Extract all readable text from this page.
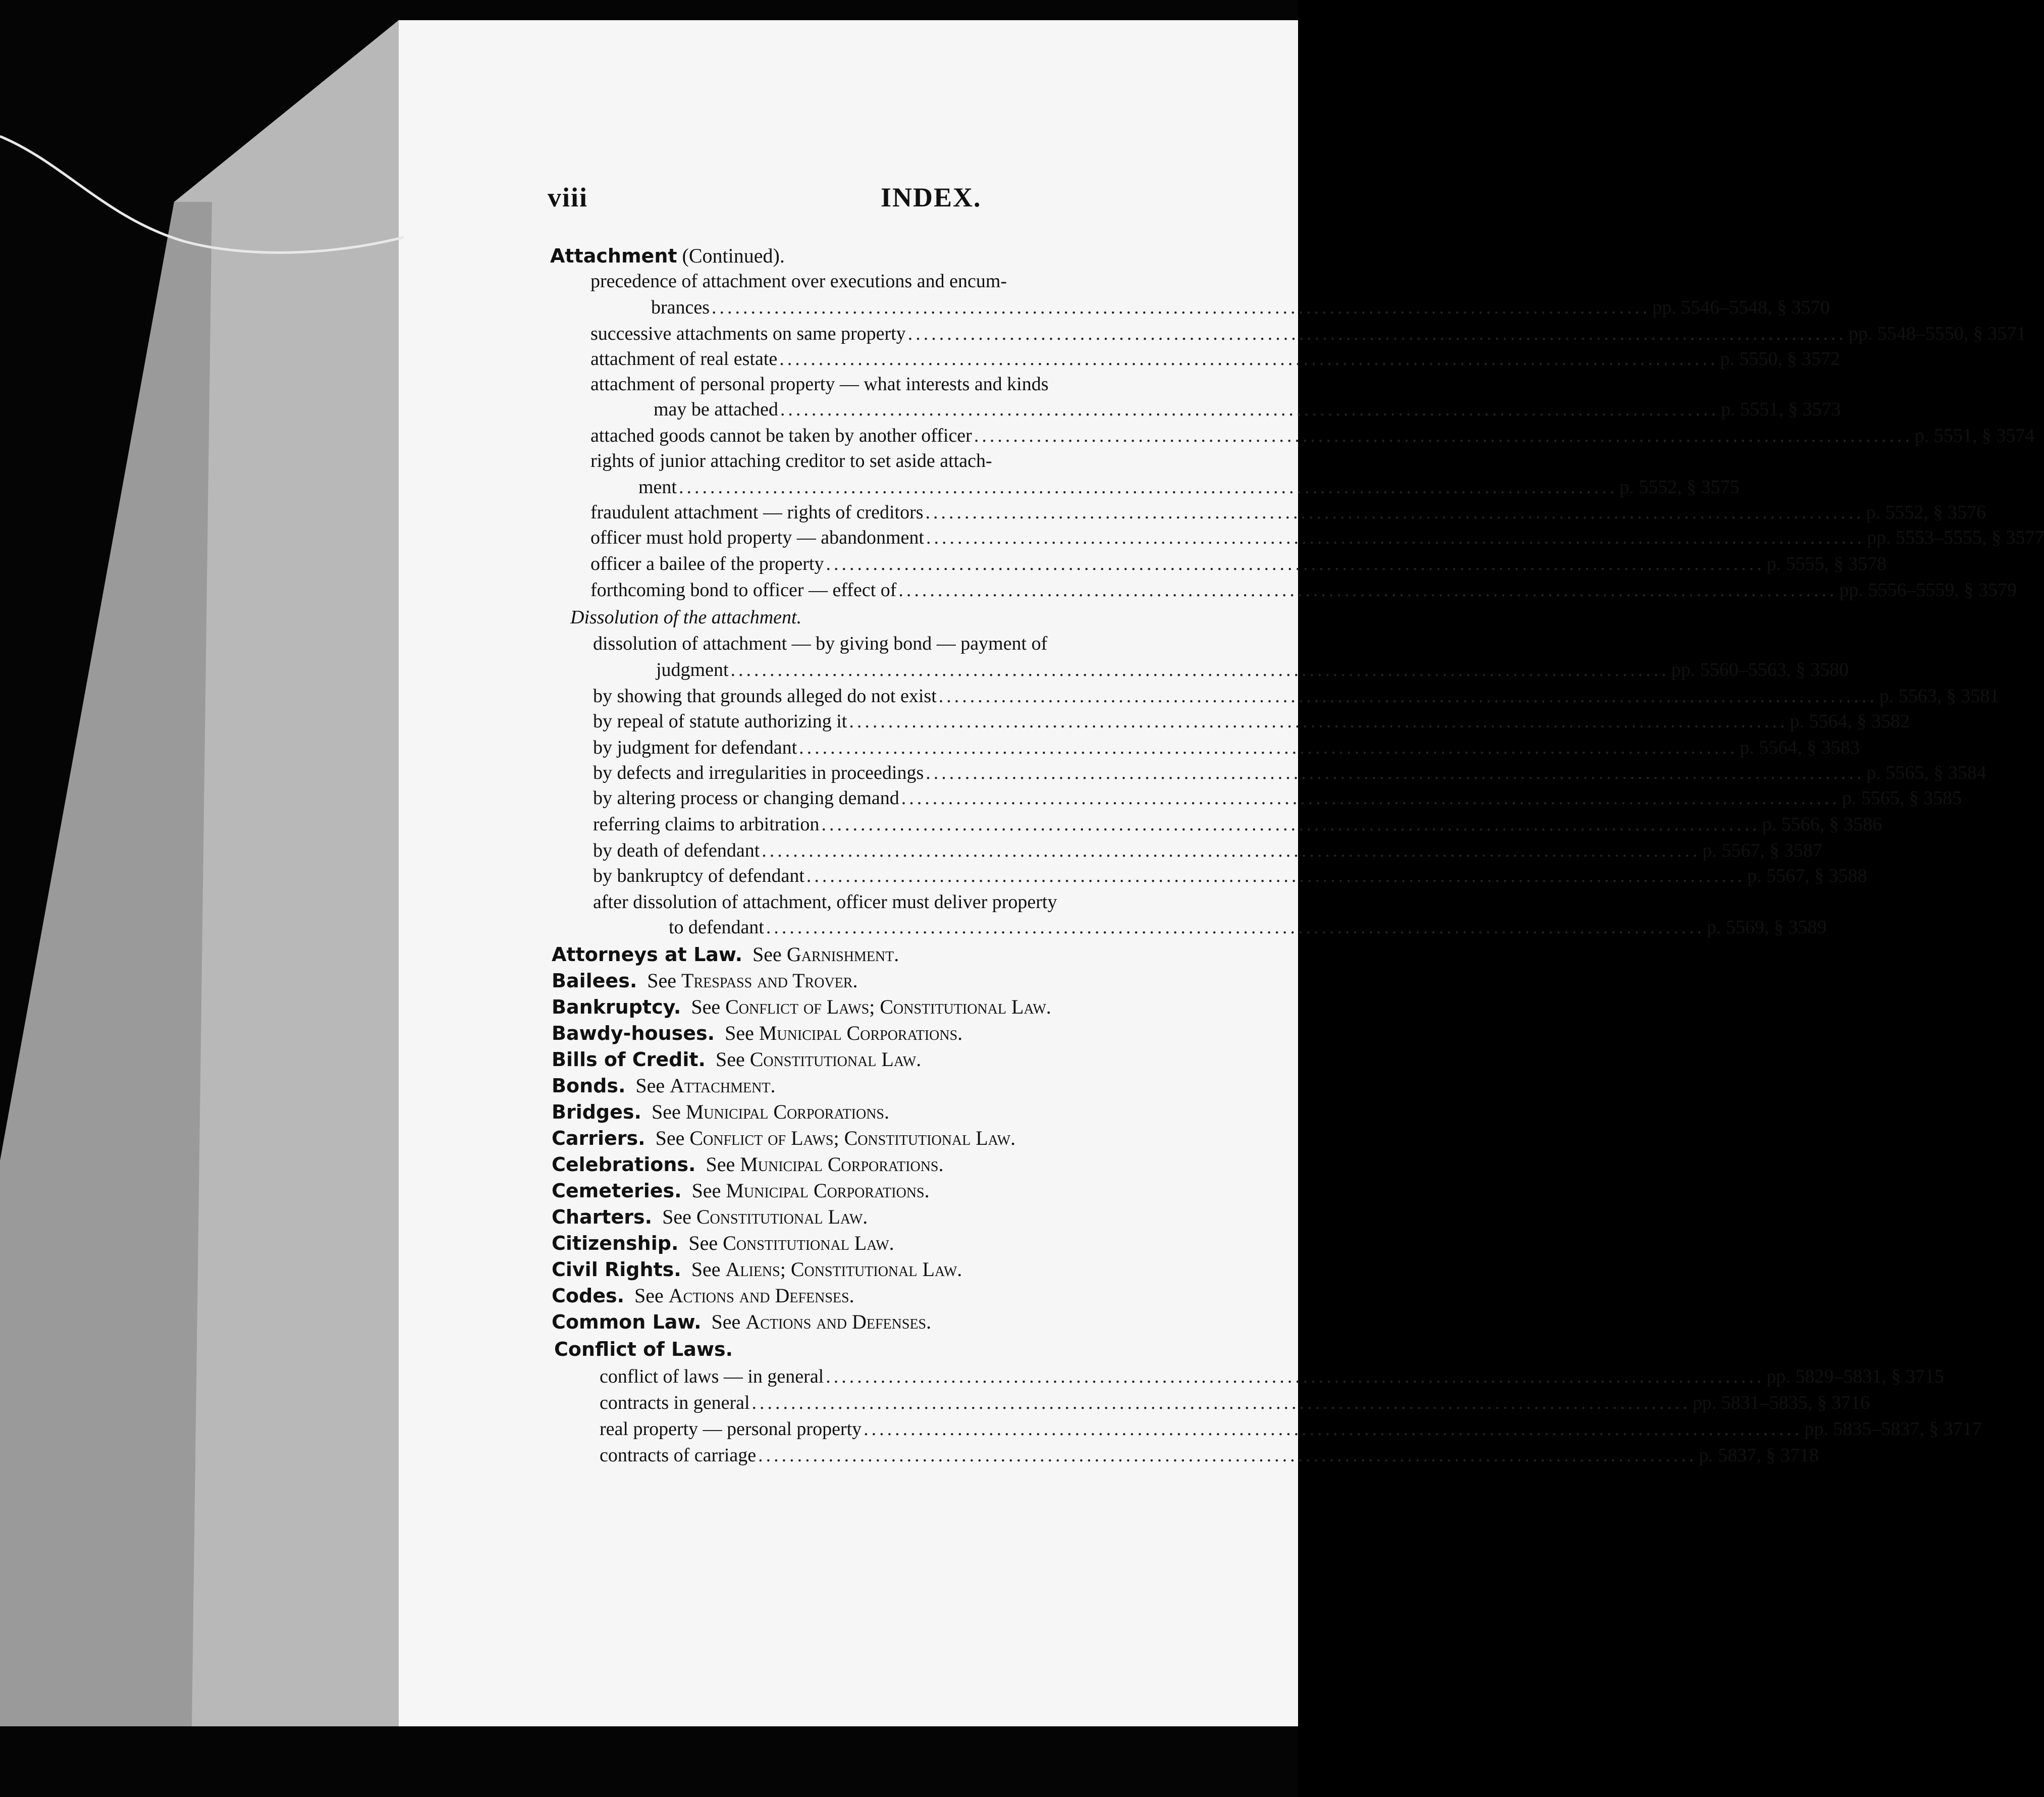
viii	INDEX.
Attachment (Continued).
precedence of attachment over executions and encum-
brances ........................................................................................................................ pp. 5546–5548, § 3570
successive attachments on same property ........................................................................................................................ pp. 5548–5550, § 3571
attachment of real estate ........................................................................................................................ p. 5550, § 3572
attachment of personal property — what interests and kinds
may be attached ........................................................................................................................ p. 5551, § 3573
attached goods cannot be taken by another officer ........................................................................................................................ p. 5551, § 3574
rights of junior attaching creditor to set aside attach-
ment ........................................................................................................................ p. 5552, § 3575
fraudulent attachment — rights of creditors ........................................................................................................................ p. 5552, § 3576
officer must hold property — abandonment ........................................................................................................................ pp. 5553–5555, § 3577
officer a bailee of the property ........................................................................................................................ p. 5555, § 3578
forthcoming bond to officer — effect of ........................................................................................................................ pp. 5556–5559, § 3579
Dissolution of the attachment.
dissolution of attachment — by giving bond — payment of
judgment ........................................................................................................................ pp. 5560–5563, § 3580
by showing that grounds alleged do not exist ........................................................................................................................ p. 5563, § 3581
by repeal of statute authorizing it ........................................................................................................................ p. 5564, § 3582
by judgment for defendant ........................................................................................................................ p. 5564, § 3583
by defects and irregularities in proceedings ........................................................................................................................ p. 5565, § 3584
by altering process or changing demand ........................................................................................................................ p. 5565, § 3585
referring claims to arbitration ........................................................................................................................ p. 5566, § 3586
by death of defendant ........................................................................................................................ p. 5567, § 3587
by bankruptcy of defendant ........................................................................................................................ p. 5567, § 3588
after dissolution of attachment, officer must deliver property
to defendant ........................................................................................................................ p. 5569, § 3589
Attorneys at Law. See Garnishment.
Bailees. See Trespass and Trover.
Bankruptcy. See Conflict of Laws; Constitutional Law.
Bawdy-houses. See Municipal Corporations.
Bills of Credit. See Constitutional Law.
Bonds. See Attachment.
Bridges. See Municipal Corporations.
Carriers. See Conflict of Laws; Constitutional Law.
Celebrations. See Municipal Corporations.
Cemeteries. See Municipal Corporations.
Charters. See Constitutional Law.
Citizenship. See Constitutional Law.
Civil Rights. See Aliens; Constitutional Law.
Codes. See Actions and Defenses.
Common Law. See Actions and Defenses.
Conflict of Laws.
conflict of laws — in general ........................................................................................................................ pp. 5829–5831, § 3715
contracts in general ........................................................................................................................ pp. 5831–5835, § 3716
real property — personal property ........................................................................................................................ pp. 5835–5837, § 3717
contracts of carriage ........................................................................................................................ p. 5837, § 3718
